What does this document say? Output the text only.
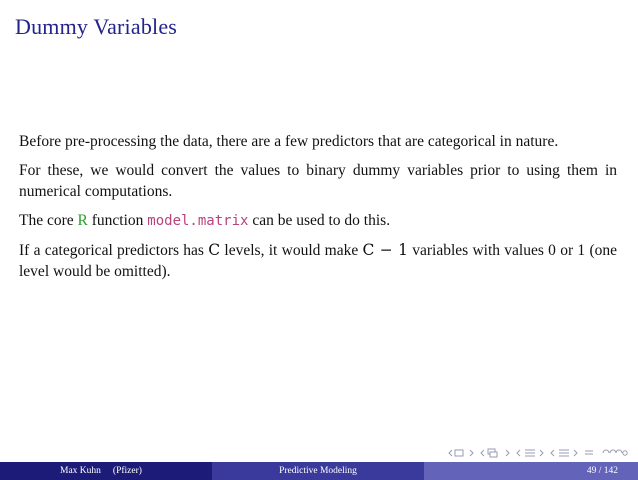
Dummy Variables

Before pre-processing the data, there are a few predictors that are categorical in nature.

For these, we would convert the values to binary dummy variables prior to using them in numerical computations.

The core R function model.matrix can be used to do this.

If a categorical predictors has C levels, it would make C − 1 variables with values 0 or 1 (one level would be omitted).

Max Kuhn (Pfizer)	Predictive Modeling	49 / 142
